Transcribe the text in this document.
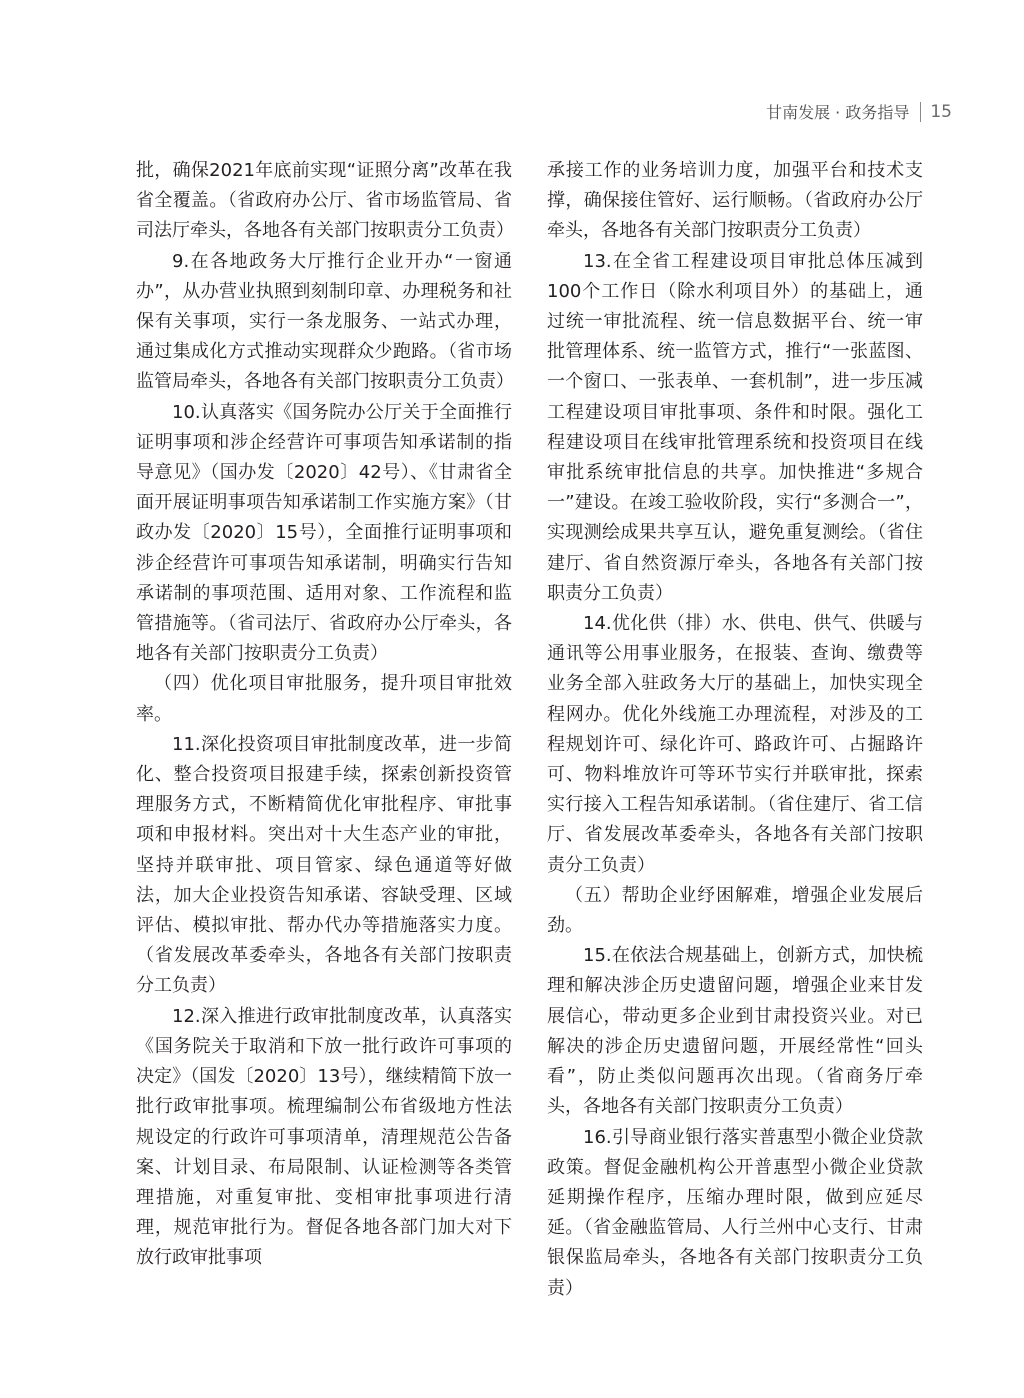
甘南发展 · 政务指导 15

批，确保2021年底前实现“证照分离”改革在我省全覆盖。（省政府办公厅、省市场监管局、省司法厅牵头，各地各有关部门按职责分工负责）

9.在各地政务大厅推行企业开办“一窗通办”，从办营业执照到刻制印章、办理税务和社保有关事项，实行一条龙服务、一站式办理，通过集成化方式推动实现群众少跑路。（省市场监管局牵头，各地各有关部门按职责分工负责）

10.认真落实《国务院办公厅关于全面推行证明事项和涉企经营许可事项告知承诺制的指导意见》（国办发〔2020〕42号）、《甘肃省全面开展证明事项告知承诺制工作实施方案》（甘政办发〔2020〕15号），全面推行证明事项和涉企经营许可事项告知承诺制，明确实行告知承诺制的事项范围、适用对象、工作流程和监管措施等。（省司法厅、省政府办公厅牵头，各地各有关部门按职责分工负责）

（四）优化项目审批服务，提升项目审批效率。

11.深化投资项目审批制度改革，进一步简化、整合投资项目报建手续，探索创新投资管理服务方式，不断精简优化审批程序、审批事项和申报材料。突出对十大生态产业的审批，坚持并联审批、项目管家、绿色通道等好做法，加大企业投资告知承诺、容缺受理、区域评估、模拟审批、帮办代办等措施落实力度。（省发展改革委牵头，各地各有关部门按职责分工负责）

12.深入推进行政审批制度改革，认真落实《国务院关于取消和下放一批行政许可事项的决定》（国发〔2020〕13号），继续精简下放一批行政审批事项。梳理编制公布省级地方性法规设定的行政许可事项清单，清理规范公告备案、计划目录、布局限制、认证检测等各类管理措施，对重复审批、变相审批事项进行清理，规范审批行为。督促各地各部门加大对下放行政审批事项

承接工作的业务培训力度，加强平台和技术支撑，确保接住管好、运行顺畅。（省政府办公厅牵头，各地各有关部门按职责分工负责）

13.在全省工程建设项目审批总体压减到100个工作日（除水利项目外）的基础上，通过统一审批流程、统一信息数据平台、统一审批管理体系、统一监管方式，推行“一张蓝图、一个窗口、一张表单、一套机制”，进一步压减工程建设项目审批事项、条件和时限。强化工程建设项目在线审批管理系统和投资项目在线审批系统审批信息的共享。加快推进“多规合一”建设。在竣工验收阶段，实行“多测合一”，实现测绘成果共享互认，避免重复测绘。（省住建厅、省自然资源厅牵头，各地各有关部门按职责分工负责）

14.优化供（排）水、供电、供气、供暖与通讯等公用事业服务，在报装、查询、缴费等业务全部入驻政务大厅的基础上，加快实现全程网办。优化外线施工办理流程，对涉及的工程规划许可、绿化许可、路政许可、占掘路许可、物料堆放许可等环节实行并联审批，探索实行接入工程告知承诺制。（省住建厅、省工信厅、省发展改革委牵头，各地各有关部门按职责分工负责）

（五）帮助企业纾困解难，增强企业发展后劲。

15.在依法合规基础上，创新方式，加快梳理和解决涉企历史遗留问题，增强企业来甘发展信心，带动更多企业到甘肃投资兴业。对已解决的涉企历史遗留问题，开展经常性“回头看”，防止类似问题再次出现。（省商务厅牵头，各地各有关部门按职责分工负责）

16.引导商业银行落实普惠型小微企业贷款政策。督促金融机构公开普惠型小微企业贷款延期操作程序，压缩办理时限，做到应延尽延。（省金融监管局、人行兰州中心支行、甘肃银保监局牵头，各地各有关部门按职责分工负责）
